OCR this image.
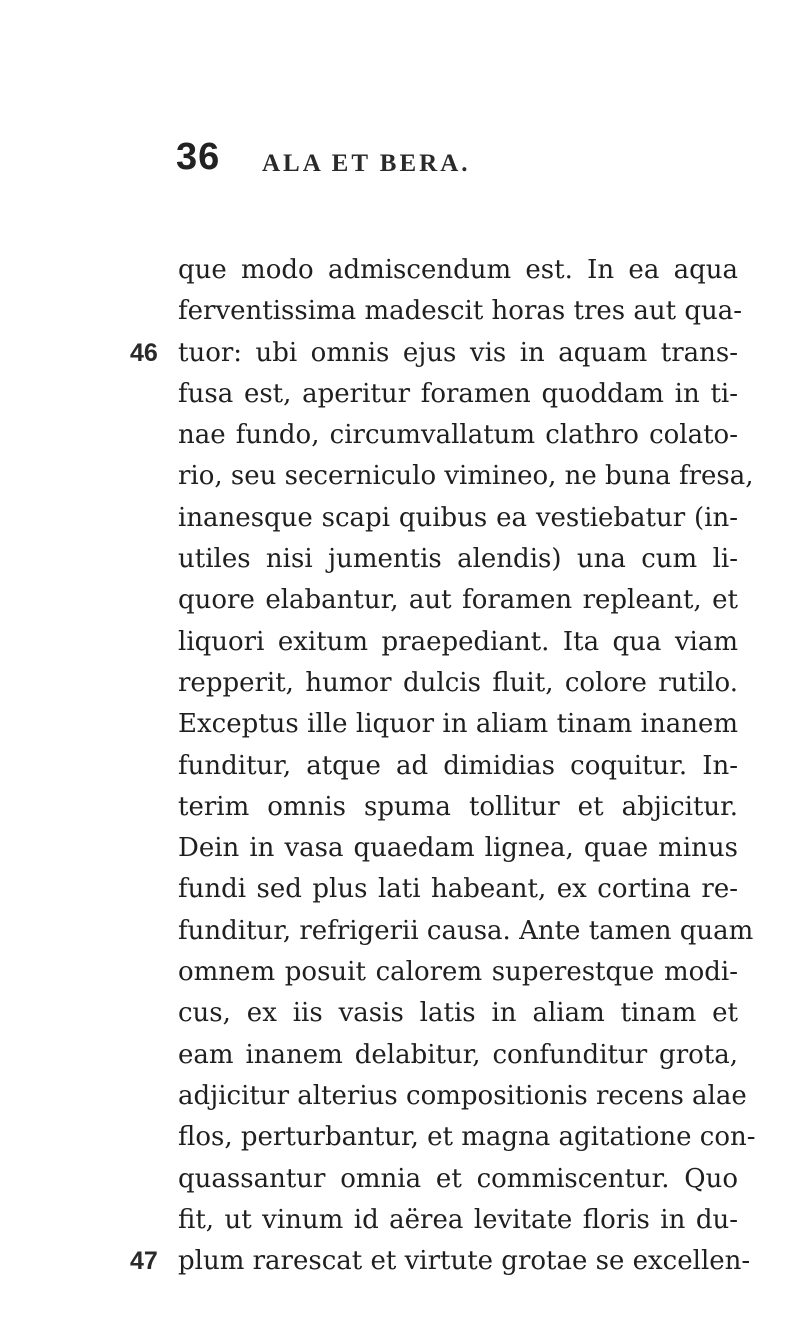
36 ALA ET BERA.
que modo admiscendum est. In ea aqua
ferventissima madescit horas tres aut qua-
46 tuor: ubi omnis ejus vis in aquam trans-
fusa est, aperitur foramen quoddam in ti-
nae fundo, circumvallatum clathro colato-
rio, seu secerniculo vimineo, ne buna fresa,
inanesque scapi quibus ea vestiebatur (in-
utiles nisi jumentis alendis) una cum li-
quore elabantur, aut foramen repleant, et
liquori exitum praepediant. Ita qua viam
repperit, humor dulcis fluit, colore rutilo.
Exceptus ille liquor in aliam tinam inanem
funditur, atque ad dimidias coquitur. In-
terim omnis spuma tollitur et abjicitur.
Dein in vasa quaedam lignea, quae minus
fundi sed plus lati habeant, ex cortina re-
funditur, refrigerii causa. Ante tamen quam
omnem posuit calorem superestque modi-
cus, ex iis vasis latis in aliam tinam et
eam inanem delabitur, confunditur grota,
adjicitur alterius compositionis recens alae
flos, perturbantur, et magna agitatione con-
quassantur omnia et commiscentur. Quo
fit, ut vinum id aërea levitate floris in du-
47 plum rarescat et virtute grotae se excellen-
